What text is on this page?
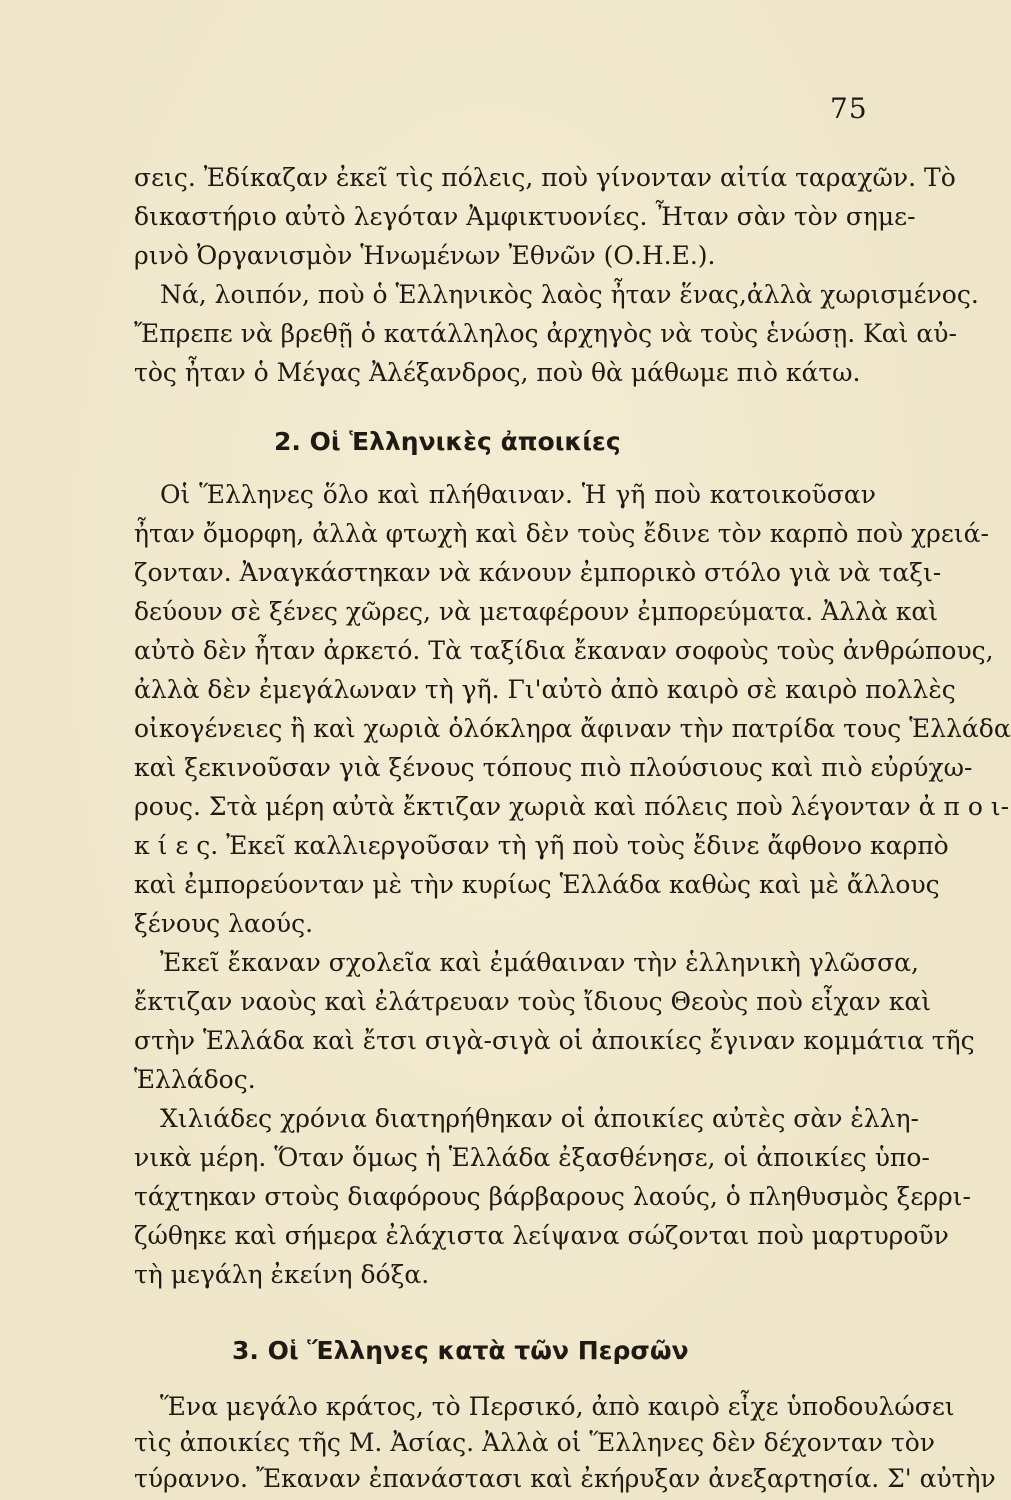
75
σεις. Ἐδίκαζαν ἐκεῖ τὶς πόλεις, ποὺ γίνονταν αἰτία ταραχῶν. Τὸ
δικαστήριο αὐτὸ λεγόταν Ἀμφικτυονίες. Ἦταν σὰν τὸν σημε-
ρινὸ Ὀργανισμὸν Ἡνωμένων Ἐθνῶν (Ο.Η.Ε.).
Νά, λοιπόν, ποὺ ὁ Ἑλληνικὸς λαὸς ἦταν ἕνας,ἀλλὰ χωρισμένος.
Ἔπρεπε νὰ βρεθῇ ὁ κατάλληλος ἀρχηγὸς νὰ τοὺς ἑνώσῃ. Καὶ αὐ-
τὸς ἦταν ὁ Μέγας Ἀλέξανδρος, ποὺ θὰ μάθωμε πιὸ κάτω.
2. Οἱ Ἑλληνικὲς ἀποικίες
Οἱ Ἕλληνες ὅλο καὶ πλήθαιναν. Ἡ γῆ ποὺ κατοικοῦσαν
ἦταν ὄμορφη, ἀλλὰ φτωχὴ καὶ δὲν τοὺς ἔδινε τὸν καρπὸ ποὺ χρειά-
ζονταν. Ἀναγκάστηκαν νὰ κάνουν ἐμπορικὸ στόλο γιὰ νὰ ταξι-
δεύουν σὲ ξένες χῶρες, νὰ μεταφέρουν ἐμπορεύματα. Ἀλλὰ καὶ
αὐτὸ δὲν ἦταν ἀρκετό. Τὰ ταξίδια ἔκαναν σοφοὺς τοὺς ἀνθρώπους,
ἀλλὰ δὲν ἐμεγάλωναν τὴ γῆ. Γι'αὐτὸ ἀπὸ καιρὸ σὲ καιρὸ πολλὲς
οἰκογένειες ἢ καὶ χωριὰ ὁλόκληρα ἄφιναν τὴν πατρίδα τους Ἑλλάδα
καὶ ξεκινοῦσαν γιὰ ξένους τόπους πιὸ πλούσιους καὶ πιὸ εὐρύχω-
ρους. Στὰ μέρη αὐτὰ ἔκτιζαν χωριὰ καὶ πόλεις ποὺ λέγονταν ἀ π ο ι-
κ ί ε ς. Ἐκεῖ καλλιεργοῦσαν τὴ γῆ ποὺ τοὺς ἔδινε ἄφθονο καρπὸ
καὶ ἐμπορεύονταν μὲ τὴν κυρίως Ἑλλάδα καθὼς καὶ μὲ ἄλλους
ξένους λαούς.
Ἐκεῖ ἔκαναν σχολεῖα καὶ ἐμάθαιναν τὴν ἑλληνικὴ γλῶσσα,
ἔκτιζαν ναοὺς καὶ ἐλάτρευαν τοὺς ἴδιους Θεοὺς ποὺ εἶχαν καὶ
στὴν Ἑλλάδα καὶ ἔτσι σιγὰ-σιγὰ οἱ ἀποικίες ἔγιναν κομμάτια τῆς
Ἑλλάδος.
Χιλιάδες χρόνια διατηρήθηκαν οἱ ἀποικίες αὐτὲς σὰν ἑλλη-
νικὰ μέρη. Ὅταν ὅμως ἡ Ἑλλάδα ἐξασθένησε, οἱ ἀποικίες ὑπο-
τάχτηκαν στοὺς διαφόρους βάρβαρους λαούς, ὁ πληθυσμὸς ξερρι-
ζώθηκε καὶ σήμερα ἐλάχιστα λείψανα σώζονται ποὺ μαρτυροῦν
τὴ μεγάλη ἐκείνη δόξα.
3. Οἱ Ἕλληνες κατὰ τῶν Περσῶν
Ἕνα μεγάλο κράτος, τὸ Περσικό, ἀπὸ καιρὸ εἶχε ὑποδουλώσει
τὶς ἀποικίες τῆς Μ. Ἀσίας. Ἀλλὰ οἱ Ἕλληνες δὲν δέχονταν τὸν
τύραννο. Ἔκαναν ἐπανάστασι καὶ ἐκήρυξαν ἀνεξαρτησία. Σ' αὐτὴν
